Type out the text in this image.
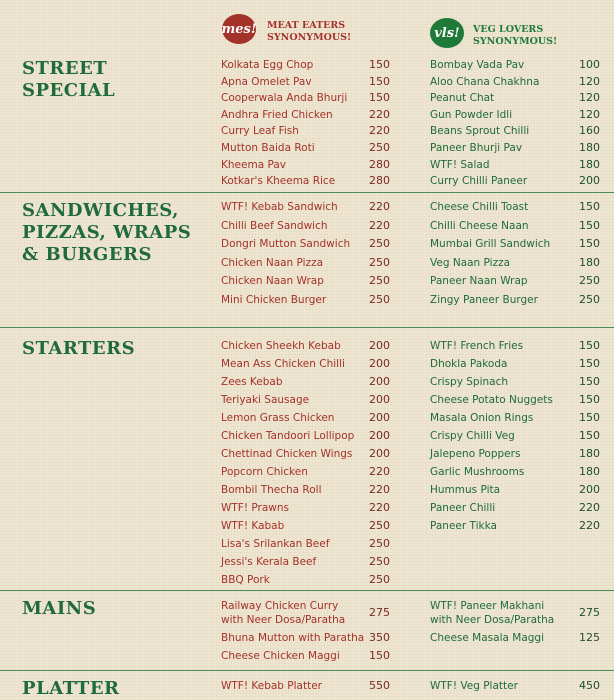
mes! MEAT EATERS
SYNONYMOUS!	vls!	VEG LOVERS
SYNONYMOUS!
STREET
SPECIAL
SANDWICHES,
PIZZAS, WRAPS
& BURGERS
STARTERS
MAINS
PLATTER
Kolkata Egg Chop	150
Apna Omelet Pav	150
Cooperwala Anda Bhurji	150
Andhra Fried Chicken	220
Curry Leaf Fish	220
Mutton Baida Roti	250
Kheema Pav	280
Kotkar's Kheema Rice	280
Bombay Vada Pav	100
Aloo Chana Chakhna	120
Peanut Chat	120
Gun Powder Idli	120
Beans Sprout Chilli	160
Paneer Bhurji Pav	180
WTF! Salad	180
Curry Chilli Paneer	200
WTF! Kebab Sandwich	220
Chilli Beef Sandwich	220
Dongri Mutton Sandwich	250
Chicken Naan Pizza	250
Chicken Naan Wrap	250
Mini Chicken Burger	250
Cheese Chilli Toast	150
Chilli Cheese Naan	150
Mumbai Grill Sandwich	150
Veg Naan Pizza	180
Paneer Naan Wrap	250
Zingy Paneer Burger	250
Chicken Sheekh Kebab	200
Mean Ass Chicken Chilli	200
Zees Kebab	200
Teriyaki Sausage	200
Lemon Grass Chicken	200
Chicken Tandoori Lollipop	200
Chettinad Chicken Wings	200
Popcorn Chicken	220
Bombil Thecha Roll	220
WTF! Prawns	220
WTF! Kabab	250
Lisa's Srilankan Beef	250
Jessi's Kerala Beef	250
BBQ Pork	250
WTF! French Fries	150
Dhokla Pakoda	150
Crispy Spinach	150
Cheese Potato Nuggets	150
Masala Onion Rings	150
Crispy Chilli Veg	150
Jalepeno Poppers	180
Garlic Mushrooms	180
Hummus Pita	200
Paneer Chilli	220
Paneer Tikka	220
Railway Chicken Curry
with Neer Dosa/Paratha
275
Bhuna Mutton with Paratha 350
Cheese Chicken Maggi	150
WTF! Paneer Makhani
with Neer Dosa/Paratha
275
Cheese Masala Maggi	125
WTF! Kebab Platter	550	WTF! Veg Platter	450
